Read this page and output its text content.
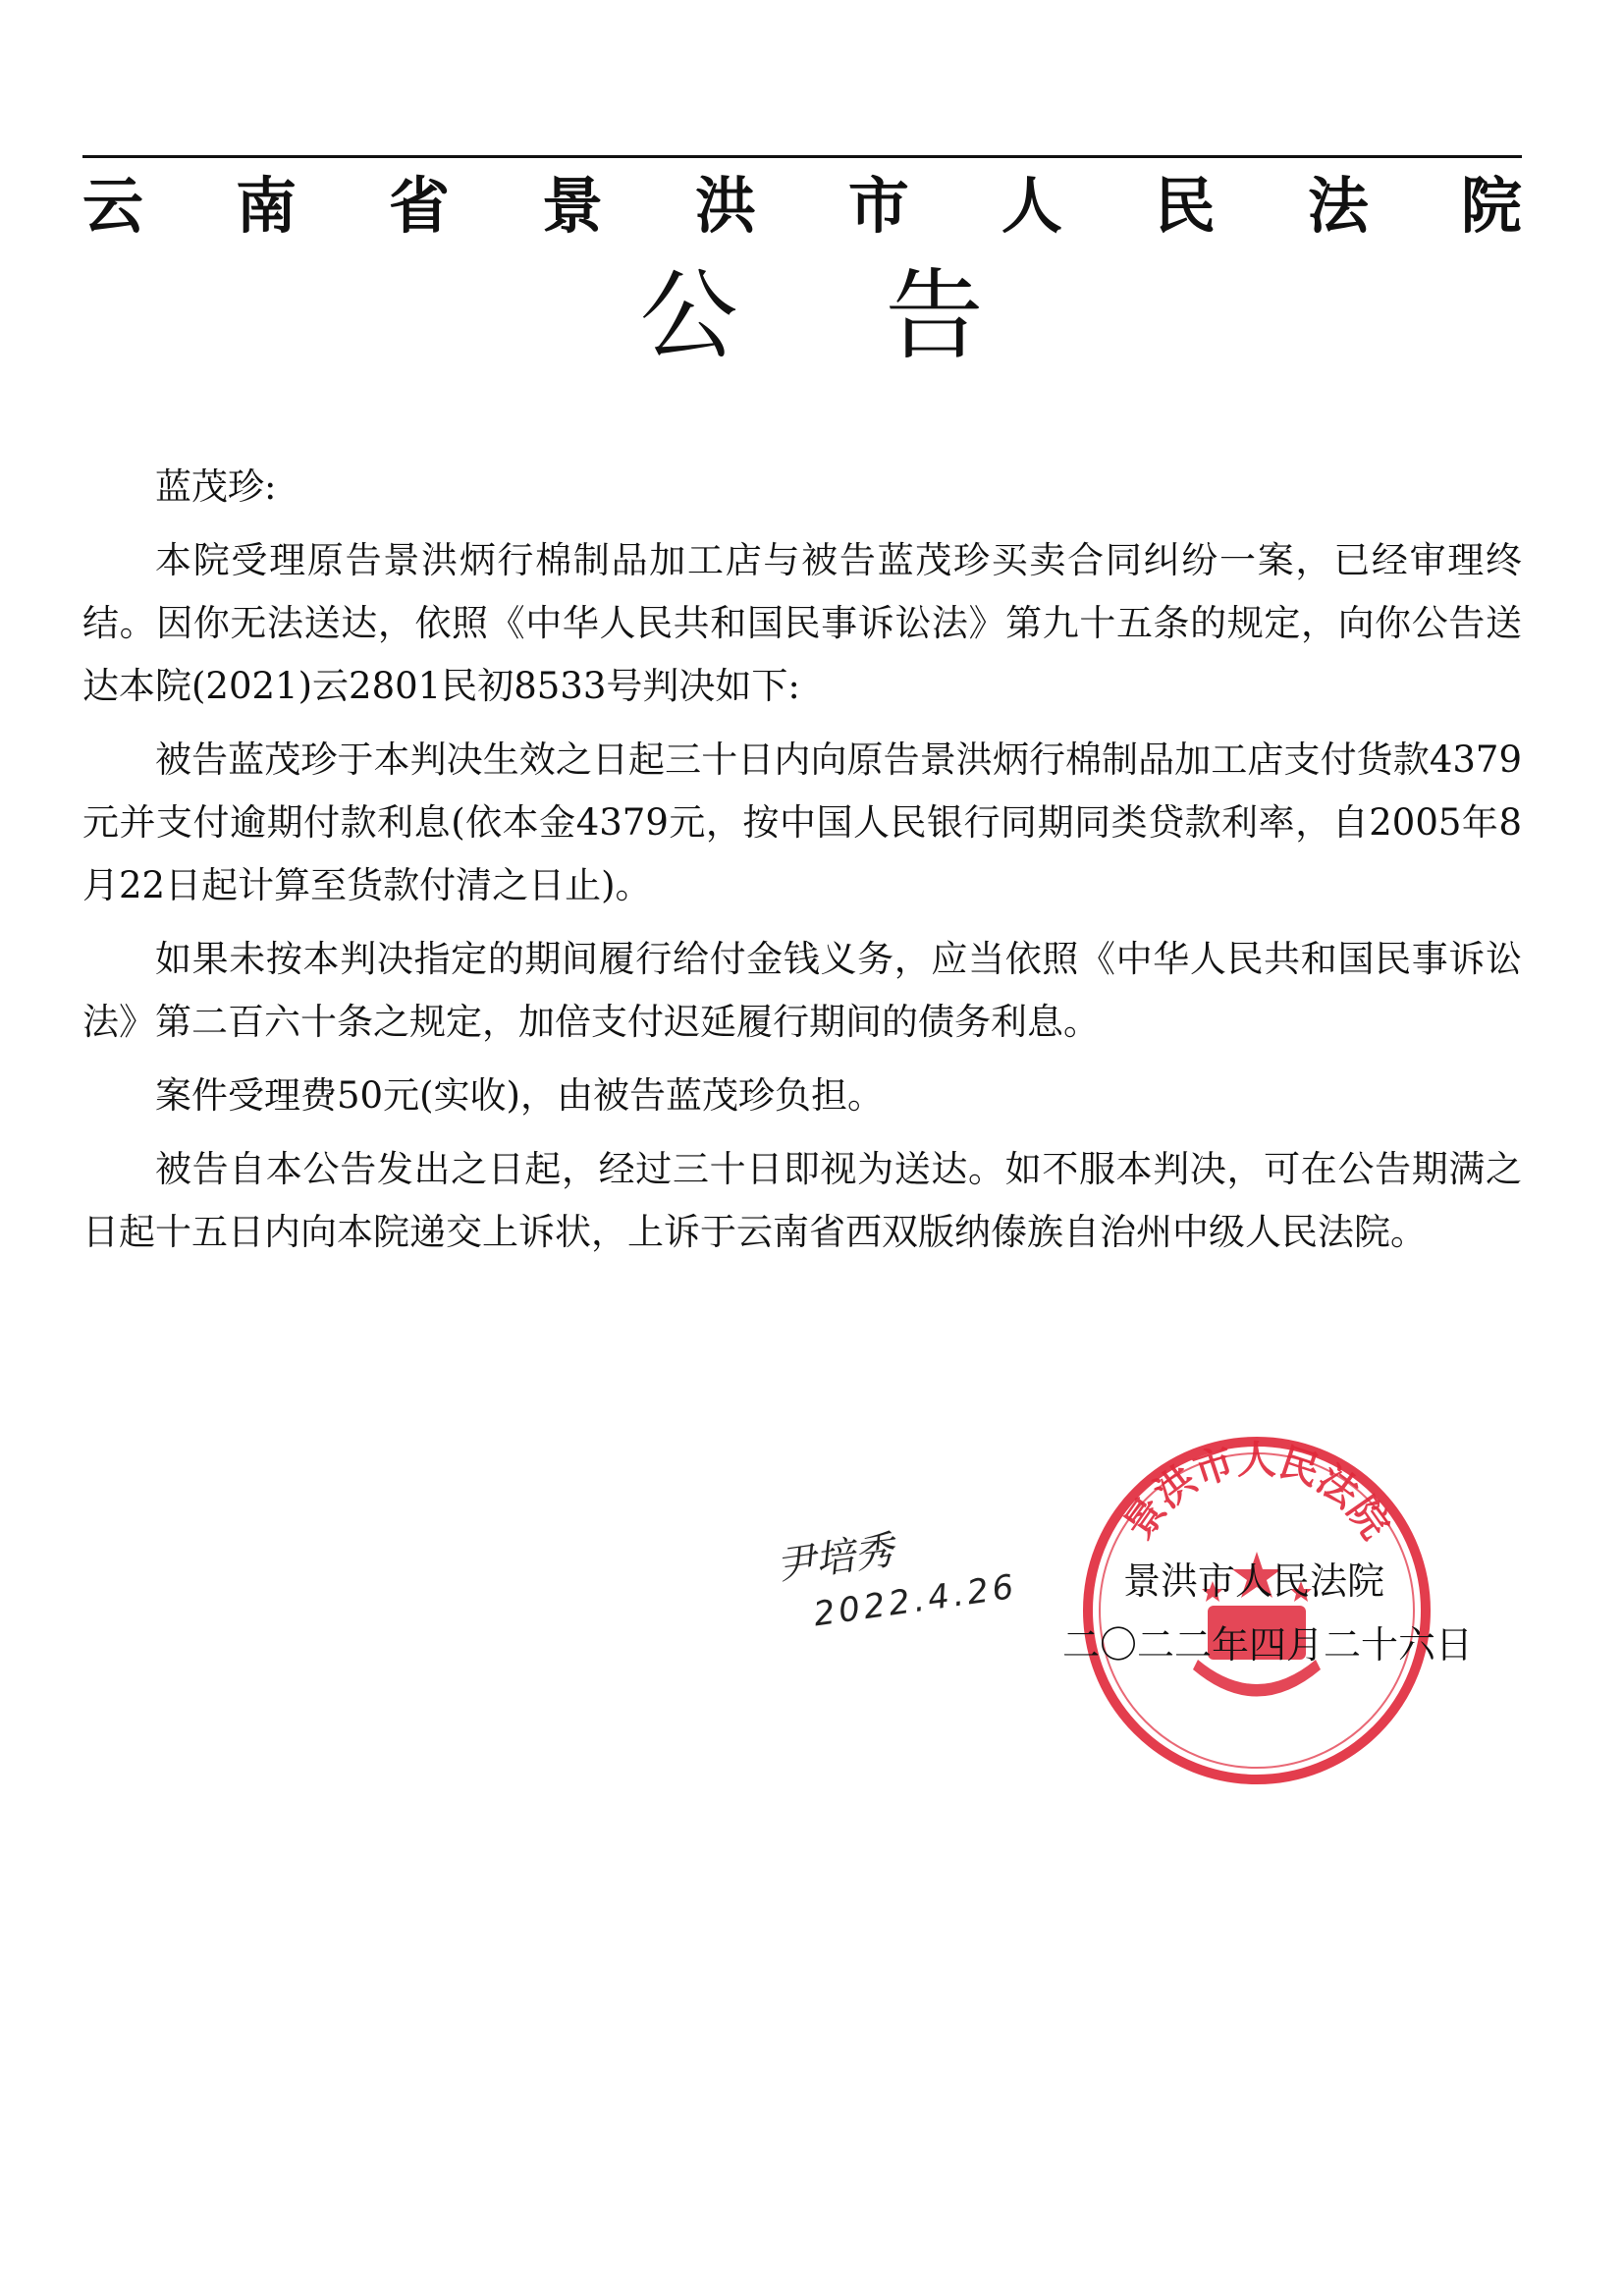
云 南 省 景 洪 市 人 民 法 院
公告

蓝茂珍:

本院受理原告景洪炳行棉制品加工店与被告蓝茂珍买卖合同纠纷一案，已经审理终结。因你无法送达，依照《中华人民共和国民事诉讼法》第九十五条的规定，向你公告送达本院(2021)云2801民初8533号判决如下:

被告蓝茂珍于本判决生效之日起三十日内向原告景洪炳行棉制品加工店支付货款4379元并支付逾期付款利息(依本金4379元，按中国人民银行同期同类贷款利率，自2005年8月22日起计算至货款付清之日止)。

如果未按本判决指定的期间履行给付金钱义务，应当依照《中华人民共和国民事诉讼法》第二百六十条之规定，加倍支付迟延履行期间的债务利息。

案件受理费50元(实收)，由被告蓝茂珍负担。

被告自本公告发出之日起，经过三十日即视为送达。如不服本判决，可在公告期满之日起十五日内向本院递交上诉状，上诉于云南省西双版纳傣族自治州中级人民法院。

尹培秀
2022.4.26
景洪市人民法院
景洪市人民法院
二〇二二年四月二十六日
